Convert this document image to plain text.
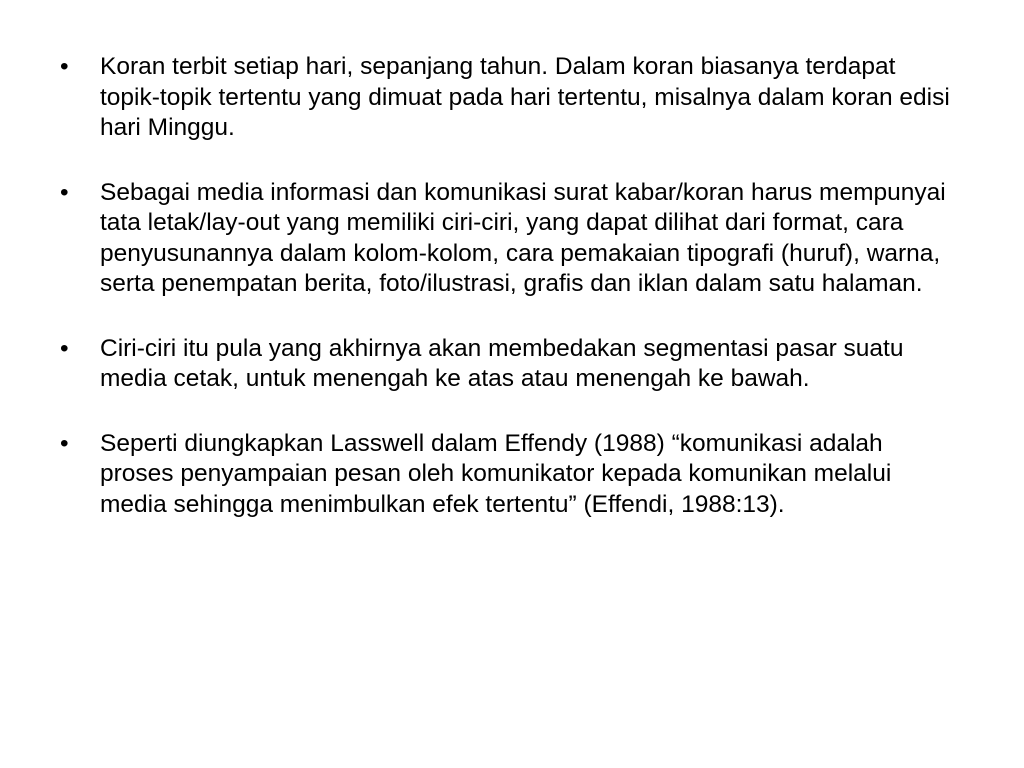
•	Koran terbit setiap hari, sepanjang tahun. Dalam koran biasanya terdapat topik-topik tertentu yang dimuat pada hari tertentu, misalnya dalam koran edisi hari Minggu.
•	Sebagai media informasi dan komunikasi surat kabar/koran harus mempunyai tata letak/lay-out yang memiliki ciri-ciri, yang dapat dilihat dari format, cara penyusunannya dalam kolom-kolom, cara pemakaian tipografi (huruf), warna, serta penempatan berita, foto/ilustrasi, grafis dan iklan dalam satu halaman.
•	Ciri-ciri itu pula yang akhirnya akan membedakan segmentasi pasar suatu media cetak, untuk menengah ke atas atau menengah ke bawah.
•	Seperti diungkapkan Lasswell dalam Effendy (1988) “komunikasi adalah proses penyampaian pesan oleh komunikator kepada komunikan melalui media sehingga menimbulkan efek tertentu” (Effendi, 1988:13).
